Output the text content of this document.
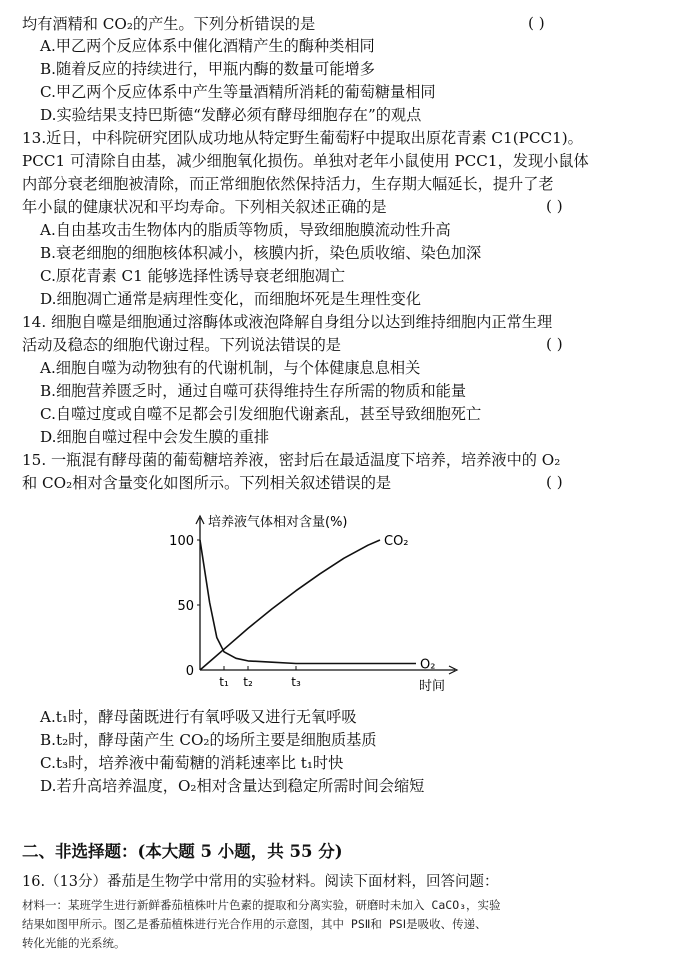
均有酒精和 CO₂的产生。下列分析错误的是	( )
A.甲乙两个反应体系中催化酒精产生的酶种类相同
B.随着反应的持续进行，甲瓶内酶的数量可能增多
C.甲乙两个反应体系中产生等量酒精所消耗的葡萄糖量相同
D.实验结果支持巴斯德“发酵必须有酵母细胞存在”的观点
13.近日，中科院研究团队成功地从特定野生葡萄籽中提取出原花青素 C1(PCC1)。
PCC1 可清除自由基，减少细胞氧化损伤。单独对老年小鼠使用 PCC1，发现小鼠体
内部分衰老细胞被清除，而正常细胞依然保持活力，生存期大幅延长，提升了老
年小鼠的健康状况和平均寿命。下列相关叙述正确的是	( )
A.自由基攻击生物体内的脂质等物质，导致细胞膜流动性升高
B.衰老细胞的细胞核体积减小，核膜内折，染色质收缩、染色加深
C.原花青素 C1 能够选择性诱导衰老细胞凋亡
D.细胞凋亡通常是病理性变化，而细胞坏死是生理性变化
14. 细胞自噬是细胞通过溶酶体或液泡降解自身组分以达到维持细胞内正常生理
活动及稳态的细胞代谢过程。下列说法错误的是	( )
A.细胞自噬为动物独有的代谢机制，与个体健康息息相关
B.细胞营养匮乏时，通过自噬可获得维持生存所需的物质和能量
C.自噬过度或自噬不足都会引发细胞代谢紊乱，甚至导致细胞死亡
D.细胞自噬过程中会发生膜的重排
15. 一瓶混有酵母菌的葡萄糖培养液，密封后在最适温度下培养，培养液中的 O₂
和 CO₂相对含量变化如图所示。下列相关叙述错误的是	( )
培养液气体相对含量(%)
100
50
0
t₁ t₂	t₃	时间
CO₂
O₂
A.t₁时，酵母菌既进行有氧呼吸又进行无氧呼吸
B.t₂时，酵母菌产生 CO₂的场所主要是细胞质基质
C.t₃时，培养液中葡萄糖的消耗速率比 t₁时快
D.若升高培养温度，O₂相对含量达到稳定所需时间会缩短
二、非选择题：(本大题 5 小题，共 55 分)
16.（13分）番茄是生物学中常用的实验材料。阅读下面材料，回答问题：
材料一：某班学生进行新鲜番茄植株叶片色素的提取和分离实验，研磨时未加入 CaCO₃，实验
结果如图甲所示。图乙是番茄植株进行光合作用的示意图，其中 PSⅡ和 PSⅠ是吸收、传递、
转化光能的光系统。
